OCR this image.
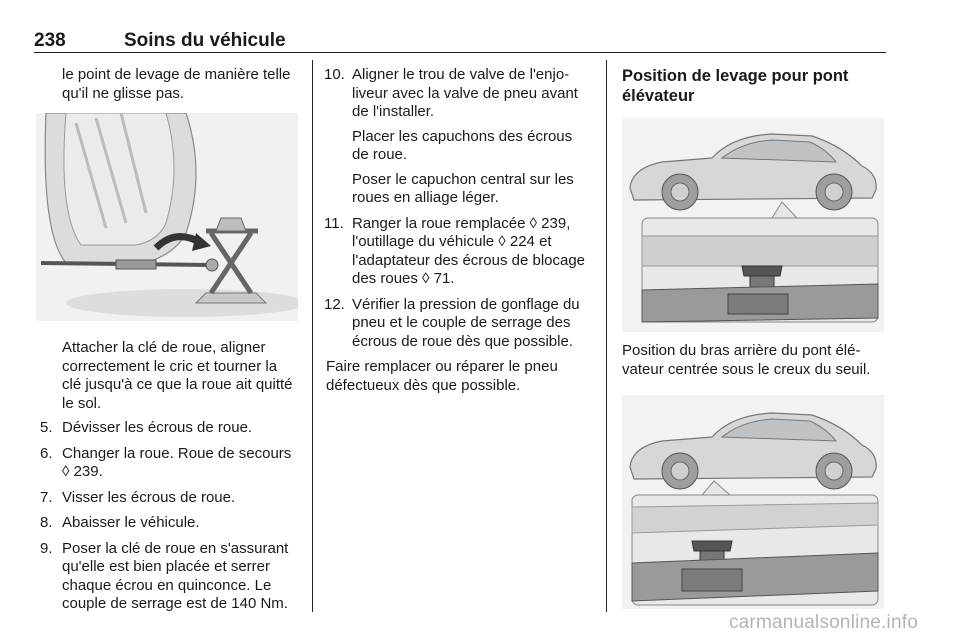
238	Soins du véhicule

le point de levage de manière telle qu'il ne glisse pas.

Attacher la clé de roue, aligner correctement le cric et tourner la clé jusqu'à ce que la roue ait quitté le sol.

5. Dévisser les écrous de roue.
6. Changer la roue. Roue de secours ◊ 239.
7. Visser les écrous de roue.
8. Abaisser le véhicule.
9. Poser la clé de roue en s'assurant qu'elle est bien placée et serrer chaque écrou en quinconce. Le couple de serrage est de 140 Nm.
10. Aligner le trou de valve de l'enjoliveur avec la valve de pneu avant de l'installer.

Placer les capuchons des écrous de roue.

Poser le capuchon central sur les roues en alliage léger.

11. Ranger la roue remplacée ◊ 239, l'outillage du véhicule ◊ 224 et l'adaptateur des écrous de blocage des roues ◊ 71.
12. Vérifier la pression de gonflage du pneu et le couple de serrage des écrous de roue dès que possible.

Faire remplacer ou réparer le pneu défectueux dès que possible.

Position de levage pour pont élévateur

Position du bras arrière du pont élévateur centrée sous le creux du seuil.

carmanualsonline.info
